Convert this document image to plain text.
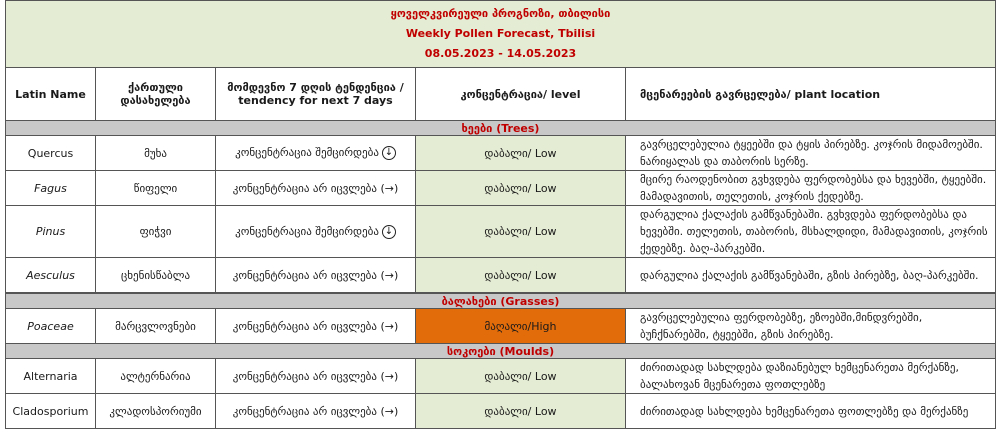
ყოველკვირეული პროგნოზი, თბილისი
Weekly Pollen Forecast, Tbilisi
08.05.2023 - 14.05.2023				

Latin Name	ქართული დასახელება	მომდევნო 7 დღის ტენდენცია / tendency for next 7 days	კონცენტრაცია/ level	მცენარეების გავრცელება/ plant location
ხეები (Trees)				
Quercus	მუხა	კონცენტრაცია შემცირდება ↓	დაბალი/ Low	გავრცელებულია ტყეებში და ტყის პირებზე. კოჯრის მიდამოებში. ნარიყალას და თაბორის სერზე.
Fagus	წიფელი	კონცენტრაცია არ იცვლება (→)	დაბალი/ Low	მცირე რაოდენობით გვხვდება ფერდობებსა და ხევებში, ტყეებში. მამადავითის, თელეთის, კოჯრის ქედებზე.
Pinus	ფიჭვი	კონცენტრაცია შემცირდება ↓	დაბალი/ Low	დარგულია ქალაქის გამწვანებაში. გვხვდება ფერდობებსა და ხევებში. თელეთის, თაბორის, მსხალდიდი, მამადავითის, კოჯრის ქედებზე. ბაღ-პარკებში.
Aesculus	ცხენისწაბლა	კონცენტრაცია არ იცვლება (→)	დაბალი/ Low	დარგულია ქალაქის გამწვანებაში, გზის პირებზე, ბაღ-პარკებში.
ბალახები (Grasses)				
Poaceae	მარცვლოვნები	კონცენტრაცია არ იცვლება (→)	მაღალი/High	გავრცელებულია ფერდობებზე, ეზოებში,მინდვრებში, ბუჩქნარებში, ტყეებში, გზის პირებზე.
სოკოები (Moulds)				
Alternaria	ალტერნარია	კონცენტრაცია არ იცვლება (→)	დაბალი/ Low	ძირითადად სახლდება დაზიანებულ ხემცენარეთა მერქანზე, ბალახოვან მცენარეთა ფოთლებზე
Cladosporium	კლადოსპორიუმი	კონცენტრაცია არ იცვლება (→)	დაბალი/ Low	ძირითადად სახლდება ხემცენარეთა ფოთლებზე და მერქანზე
